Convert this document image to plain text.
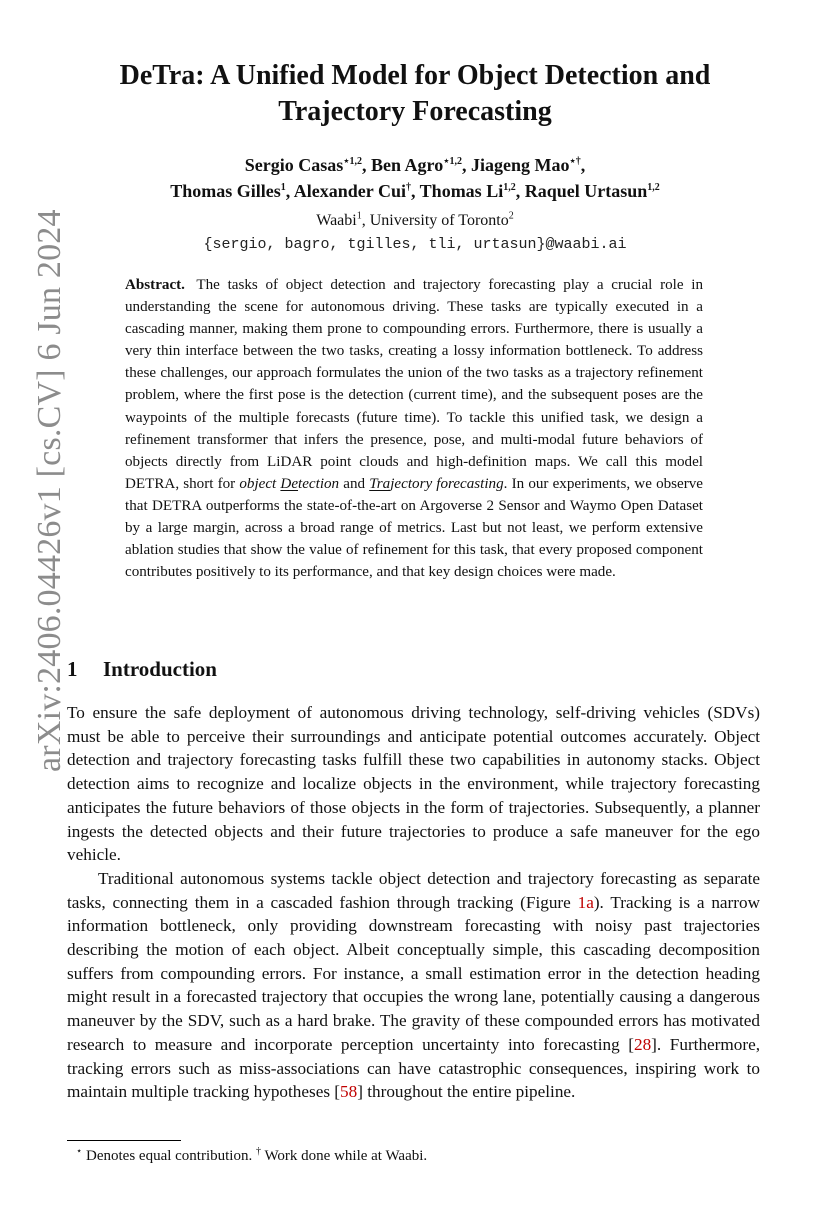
arXiv:2406.04426v1 [cs.CV] 6 Jun 2024
DeTra: A Unified Model for Object Detection and Trajectory Forecasting
Sergio Casas$^{⋆1,2}$, Ben Agro$^{⋆1,2}$, Jiageng Mao⋆†,
Thomas Gilles$^1$, Alexander Cui†, Thomas Li$^{1,2}$, Raquel Urtasun$^{1,2}$
Waabi$^1$, University of Toronto$^2$
{sergio, bagro, tgilles, tli, urtasun}@waabi.ai
Abstract. The tasks of object detection and trajectory forecasting play a crucial role in understanding the scene for autonomous driving. These tasks are typically executed in a cascading manner, making them prone to compounding errors. Furthermore, there is usually a very thin interface between the two tasks, creating a lossy information bottleneck. To address these challenges, our approach formulates the union of the two tasks as a trajectory refinement problem, where the first pose is the detection (current time), and the subsequent poses are the waypoints of the multiple forecasts (future time). To tackle this unified task, we design a refinement transformer that infers the presence, pose, and multi-modal future behaviors of objects directly from LiDAR point clouds and high-definition maps. We call this model DETRA, short for object Detection and Trajectory forecasting. In our experiments, we observe that DETRA outperforms the state-of-the-art on Argoverse 2 Sensor and Waymo Open Dataset by a large margin, across a broad range of metrics. Last but not least, we perform extensive ablation studies that show the value of refinement for this task, that every proposed component contributes positively to its performance, and that key design choices were made.
1 Introduction

To ensure the safe deployment of autonomous driving technology, self-driving vehicles (SDVs) must be able to perceive their surroundings and anticipate potential outcomes accurately. Object detection and trajectory forecasting tasks fulfill these two capabilities in autonomy stacks. Object detection aims to recognize and localize objects in the environment, while trajectory forecasting anticipates the future behaviors of those objects in the form of trajectories. Subsequently, a planner ingests the detected objects and their future trajectories to produce a safe maneuver for the ego vehicle.

Traditional autonomous systems tackle object detection and trajectory forecasting as separate tasks, connecting them in a cascaded fashion through tracking (Figure 1a). Tracking is a narrow information bottleneck, only providing downstream forecasting with noisy past trajectories describing the motion of each object. Albeit conceptually simple, this cascading decomposition suffers from compounding errors. For instance, a small estimation error in the detection heading might result in a forecasted trajectory that occupies the wrong lane, potentially causing a dangerous maneuver by the SDV, such as a hard brake. The gravity of these compounded errors has motivated research to measure and incorporate perception uncertainty into forecasting [28]. Furthermore, tracking errors such as miss-associations can have catastrophic consequences, inspiring work to maintain multiple tracking hypotheses [58] throughout the entire pipeline.

⋆ Denotes equal contribution. † Work done while at Waabi.
